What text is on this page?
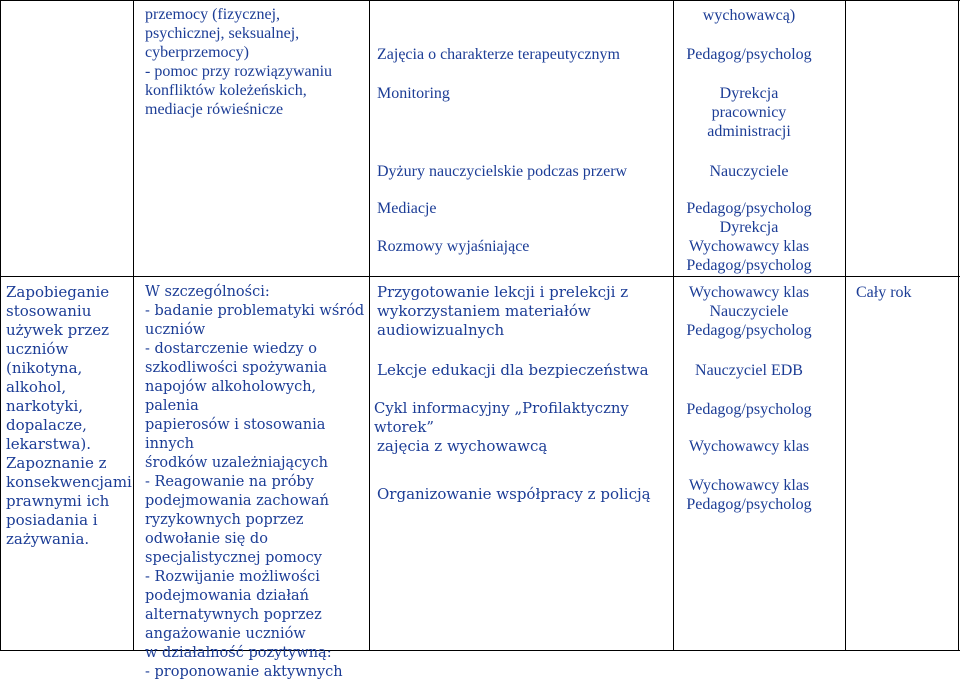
przemocy (fizycznej,
psychicznej, seksualnej,
cyberprzemocy)
- pomoc przy rozwiązywaniu
konfliktów koleżeńskich,
mediacje rówieśnicze
Zajęcia o charakterze terapeutycznym
Monitoring
Dyżury nauczycielskie podczas przerw
Mediacje
Rozmowy wyjaśniające
wychowawcą)
Pedagog/psycholog
Dyrekcja
pracownicy
administracji
Nauczyciele
Pedagog/psycholog
Dyrekcja
Wychowawcy klas
Pedagog/psycholog
Zapobieganie
stosowaniu
używek przez
uczniów
(nikotyna,
alkohol,
narkotyki,
dopalacze,
lekarstwa).
Zapoznanie z
konsekwencjami
prawnymi ich
posiadania i
zażywania.
W szczególności:
- badanie problematyki wśród
uczniów
- dostarczenie wiedzy o
szkodliwości spożywania
napojów alkoholowych, palenia
papierosów i stosowania innych
środków uzależniających
- Reagowanie na próby
podejmowania zachowań
ryzykownych poprzez
odwołanie się do
specjalistycznej pomocy
- Rozwijanie możliwości
podejmowania działań
alternatywnych poprzez
angażowanie uczniów
w działalność pozytywną:
- proponowanie aktywnych
Przygotowanie lekcji i prelekcji z
wykorzystaniem materiałów
audiowizualnych
Lekcje edukacji dla bezpieczeństwa
Cykl informacyjny „Profilaktyczny wtorek”
zajęcia z wychowawcą
Organizowanie współpracy z policją
Wychowawcy klas
Nauczyciele
Pedagog/psycholog
Nauczyciel EDB
Pedagog/psycholog
Wychowawcy klas
Wychowawcy klas
Pedagog/psycholog
Cały rok
